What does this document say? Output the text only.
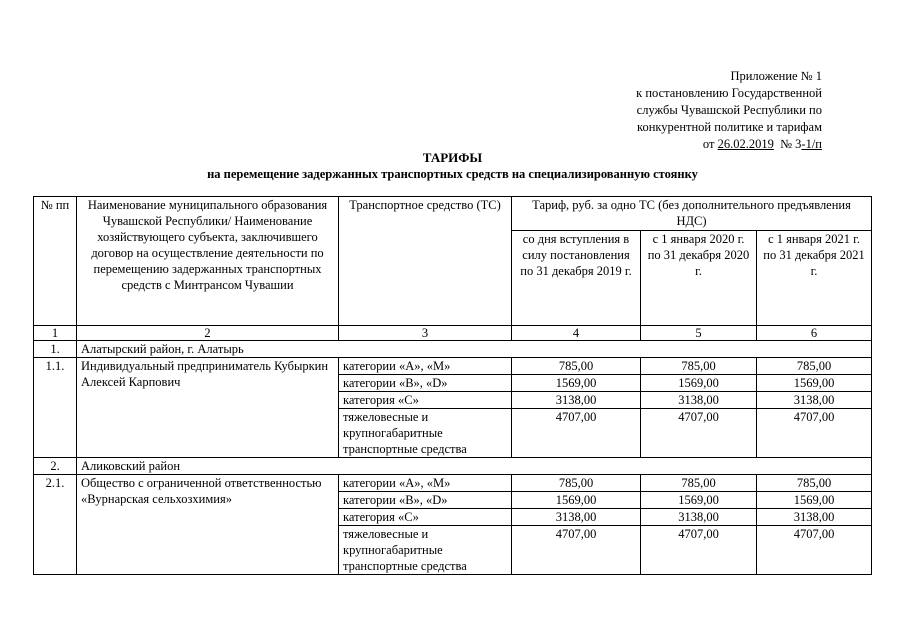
Приложение № 1
к постановлению Государственной
службы Чувашской Республики по
конкурентной политике и тарифам
от 26.02.2019 № 3-1/п
ТАРИФЫ
на перемещение задержанных транспортных средств на специализированную стоянку
№ пп	Наименование муниципального образования Чувашской Республики/ Наименование хозяйствующего субъекта, заключившего договор на осуществление деятельности по перемещению задержанных транспортных средств с Минтрансом Чувашии	Транспортное средство (ТС)	Тариф, руб. за одно ТС (без дополнительного предъявления НДС)		
			со дня вступления в силу постановления по 31 декабря 2019 г.	с 1 января 2020 г. по 31 декабря 2020 г.	с 1 января 2021 г. по 31 декабря 2021 г.
1	2	3	4	5	6
1.	Алатырский район, г. Алатырь				
1.1.	Индивидуальный предприниматель Кубыркин Алексей Карпович	категории «А», «М»	785,00	785,00	785,00
		категории «В», «D»	1569,00	1569,00	1569,00
		категория «С»	3138,00	3138,00	3138,00
		тяжеловесные и крупногабаритные транспортные средства	4707,00	4707,00	4707,00
2.	Аликовский район				
2.1.	Общество с ограниченной ответственностью «Вурнарская сельхозхимия»	категории «А», «М»	785,00	785,00	785,00
		категории «В», «D»	1569,00	1569,00	1569,00
		категория «С»	3138,00	3138,00	3138,00
		тяжеловесные и крупногабаритные транспортные средства	4707,00	4707,00	4707,00
